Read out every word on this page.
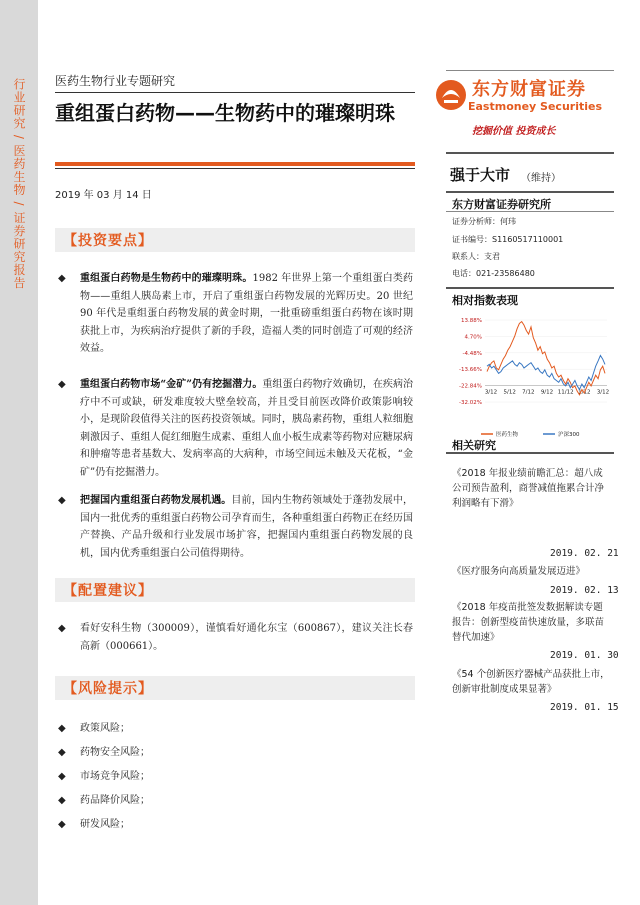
行业研究 / 医药生物 / 证券研究报告	医药生物行业专题研究
重组蛋白药物——生物药中的璀璨明珠
2019 年 03 月 14 日
【投资要点】
◆ 重组蛋白药物是生物药中的璀璨明珠。1982 年世界上第一个重组蛋白类药物——重组人胰岛素上市，开启了重组蛋白药物发展的光辉历史。20 世纪 90 年代是重组蛋白药物发展的黄金时期，一批重磅重组蛋白药物在该时期获批上市，为疾病治疗提供了新的手段，造福人类的同时创造了可观的经济效益。
◆ 重组蛋白药物市场“金矿”仍有挖掘潜力。重组蛋白药物疗效确切，在疾病治疗中不可或缺，研发难度较大壁垒较高，并且受目前医改降价政策影响较小，是现阶段值得关注的医药投资领域。同时，胰岛素药物，重组人粒细胞刺激因子、重组人促红细胞生成素、重组人血小板生成素等药物对应糖尿病和肿瘤等患者基数大、发病率高的大病种，市场空间远未触及天花板，“金矿”仍有挖掘潜力。
◆ 把握国内重组蛋白药物发展机遇。目前，国内生物药领域处于蓬勃发展中，国内一批优秀的重组蛋白药物公司孕育而生，各种重组蛋白药物正在经历国产替换、产品升级和行业发展市场扩容，把握国内重组蛋白药物发展的良机，国内优秀重组蛋白公司值得期待。
【配置建议】
◆ 看好安科生物（300009），谨慎看好通化东宝（600867），建议关注长春高新（000661）。
【风险提示】
◆ 政策风险；
◆ 药物安全风险；
◆ 市场竞争风险；
◆ 药品降价风险；
◆ 研发风险；
东方财富证券
Eastmoney Securities
挖掘价值 投资成长
强于大市 （维持）
东方财富证券研究所
证券分析师：何玮
证书编号：S1160517110001
联系人：支君
电话：021-23586480
相对指数表现
13.88%
4.70%
-4.48%
-13.66%
-22.84%
-32.02%
3/12 5/12 7/12 9/12 11/12 1/12 3/12
医药生物	沪深300
相关研究
《2018 年报业绩前瞻汇总：超八成公司预告盈利，商誉减值拖累合计净利润略有下滑》
2019. 02. 21
《医疗服务向高质量发展迈进》
2019. 02. 13
《2018 年疫苗批签发数据解读专题报告：创新型疫苗快速放量，多联苗替代加速》
2019. 01. 30
《54 个创新医疗器械产品获批上市，创新审批制度成果显著》
2019. 01. 15
